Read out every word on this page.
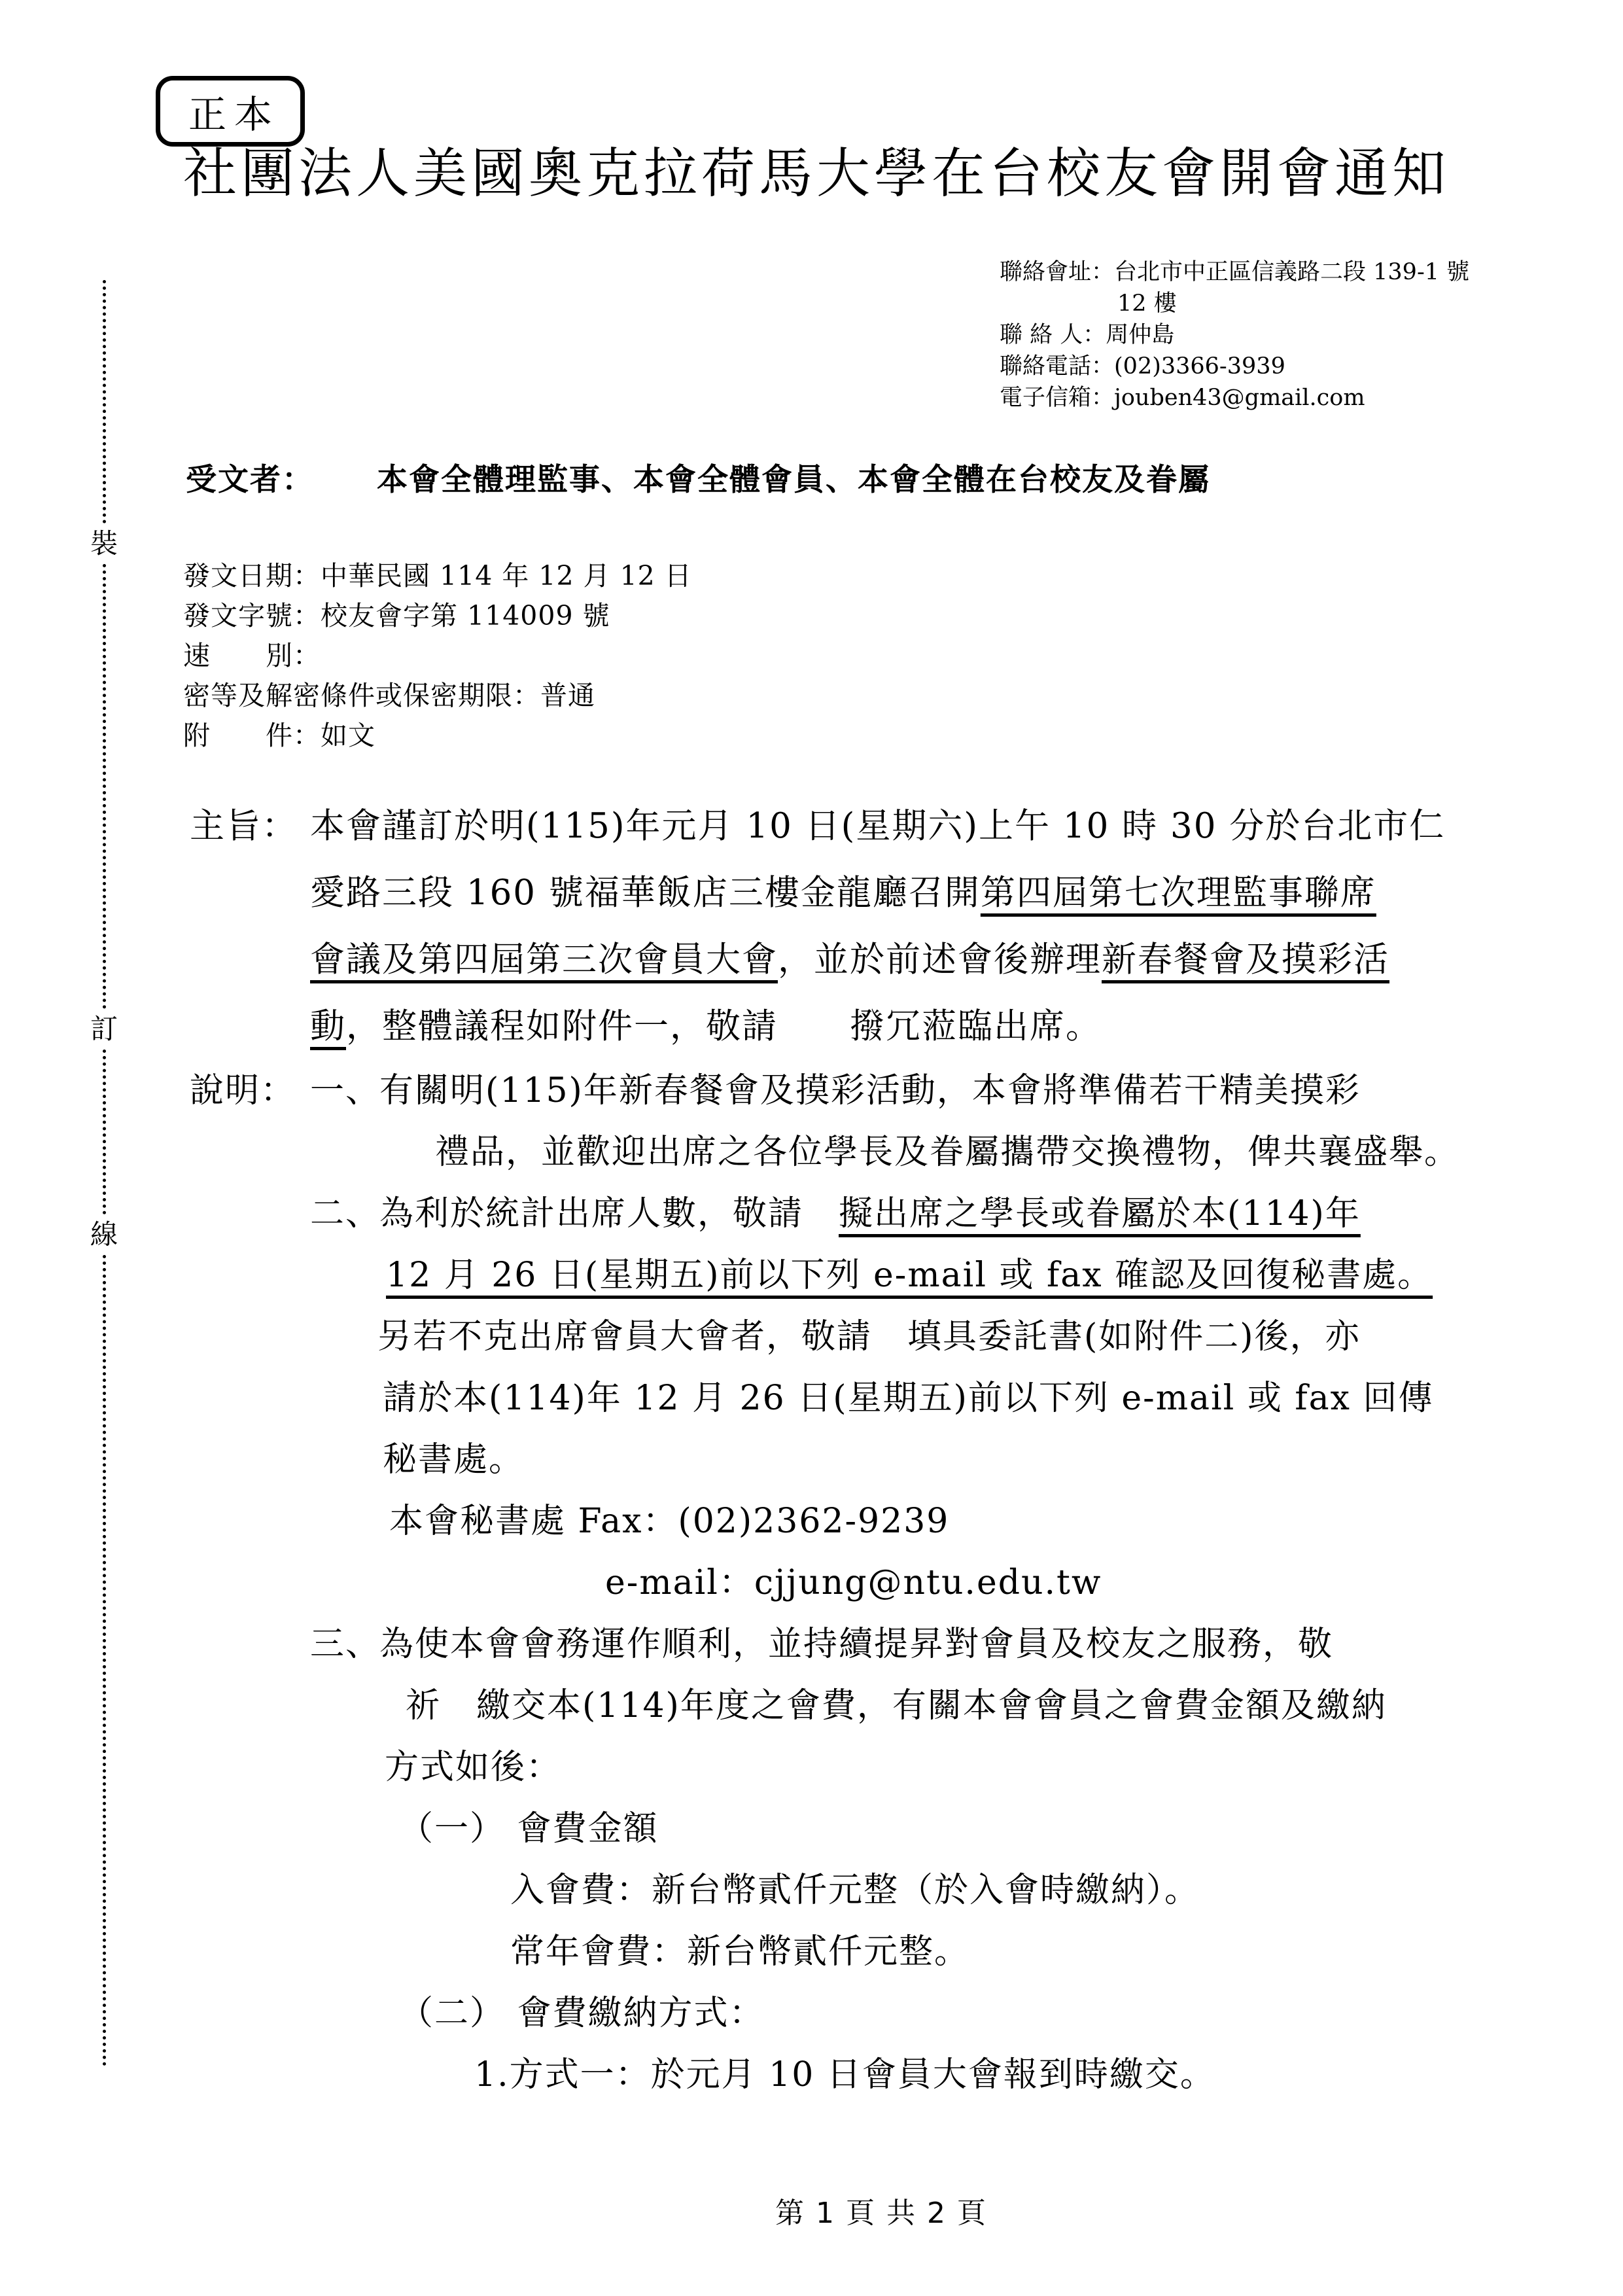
裝
訂
線
正本
社團法人美國奧克拉荷馬大學在台校友會開會通知
聯絡會址：台北市中正區信義路二段 139-1 號
12 樓
聯 絡 人：周仲島
聯絡電話：(02)3366-3939
電子信箱：jouben43@gmail.com
受文者： 本會全體理監事、本會全體會員、本會全體在台校友及眷屬
發文日期：中華民國 114 年 12 月 12 日
發文字號：校友會字第 114009 號
速　　別：
密等及解密條件或保密期限：普通
附　　件：如文
主旨： 本會謹訂於明(115)年元月 10 日(星期六)上午 10 時 30 分於台北市仁
愛路三段 160 號福華飯店三樓金龍廳召開第四屆第七次理監事聯席
會議及第四屆第三次會員大會，並於前述會後辦理新春餐會及摸彩活
動，整體議程如附件一，敬請　　撥冗蒞臨出席。
說明： 一、有關明(115)年新春餐會及摸彩活動，本會將準備若干精美摸彩
禮品，並歡迎出席之各位學長及眷屬攜帶交換禮物，俾共襄盛舉。
二、為利於統計出席人數，敬請　擬出席之學長或眷屬於本(114)年
12 月 26 日(星期五)前以下列 e-mail 或 fax 確認及回復秘書處。
另若不克出席會員大會者，敬請　填具委託書(如附件二)後，亦
請於本(114)年 12 月 26 日(星期五)前以下列 e-mail 或 fax 回傳
秘書處。
本會秘書處 Fax：(02)2362-9239
e-mail：cjjung@ntu.edu.tw
三、為使本會會務運作順利，並持續提昇對會員及校友之服務，敬
祈　繳交本(114)年度之會費，有關本會會員之會費金額及繳納
方式如後：
（一） 會費金額
入會費：新台幣貳仟元整（於入會時繳納）。
常年會費：新台幣貳仟元整。
（二） 會費繳納方式：
1.方式一：於元月 10 日會員大會報到時繳交。
第 1 頁 共 2 頁
